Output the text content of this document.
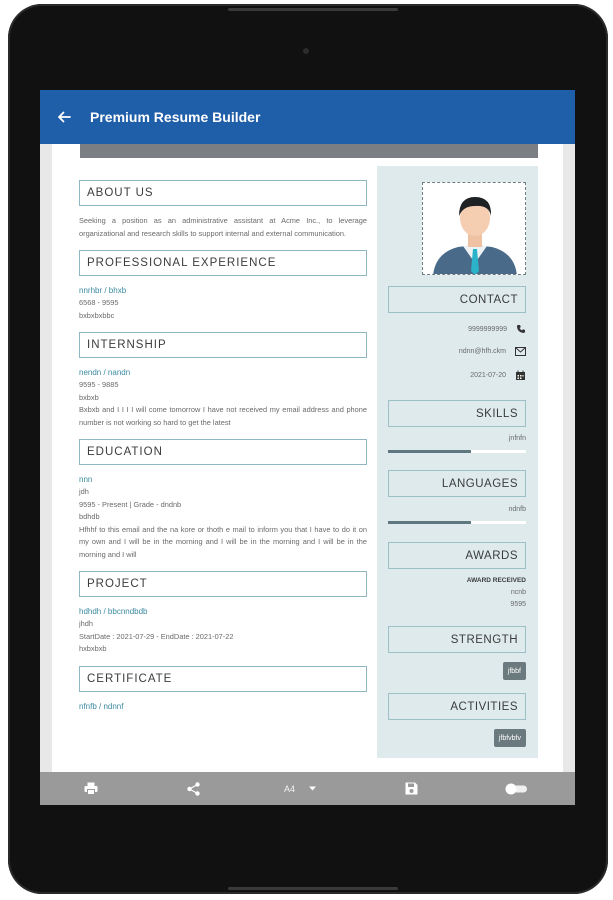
Premium Resume Builder
ABOUT US
Seeking a position as an administrative assistant at Acme Inc., to leverage organizational and research skills to support internal and external communication.
PROFESSIONAL EXPERIENCE
nnrhbr / bhxb
6568 - 9595
bxbxbxbbc
INTERNSHIP
nendn / nandn
9595 - 9885
bxbxb
Bxbxb and I I I I will come tomorrow I have not received my email address and phone number is not working so hard to get the latest
EDUCATION
nnn
jdh
9595 - Present | Grade - dndnb
bdhdb
Hfhhf to this email and the na kore or thoth e mail to inform you that I have to do it on my own and I will be in the morning and I will be in the morning and I will be in the morning and I will
PROJECT
hdhdh / bbcnndbdb
jhdh
StartDate : 2021-07-29 - EndDate : 2021-07-22
hxbxbxb
CERTIFICATE
nfnfb / ndnnf
CONTACT
9999999999
ndnn@hfh.ckm
2021-07-20
SKILLS
jnfnfn
LANGUAGES
ndnfb
AWARDS
AWARD RECEIVED
ncnb
9595
STRENGTH
jfbbf
ACTIVITIES
jfbfvbfv
A4
